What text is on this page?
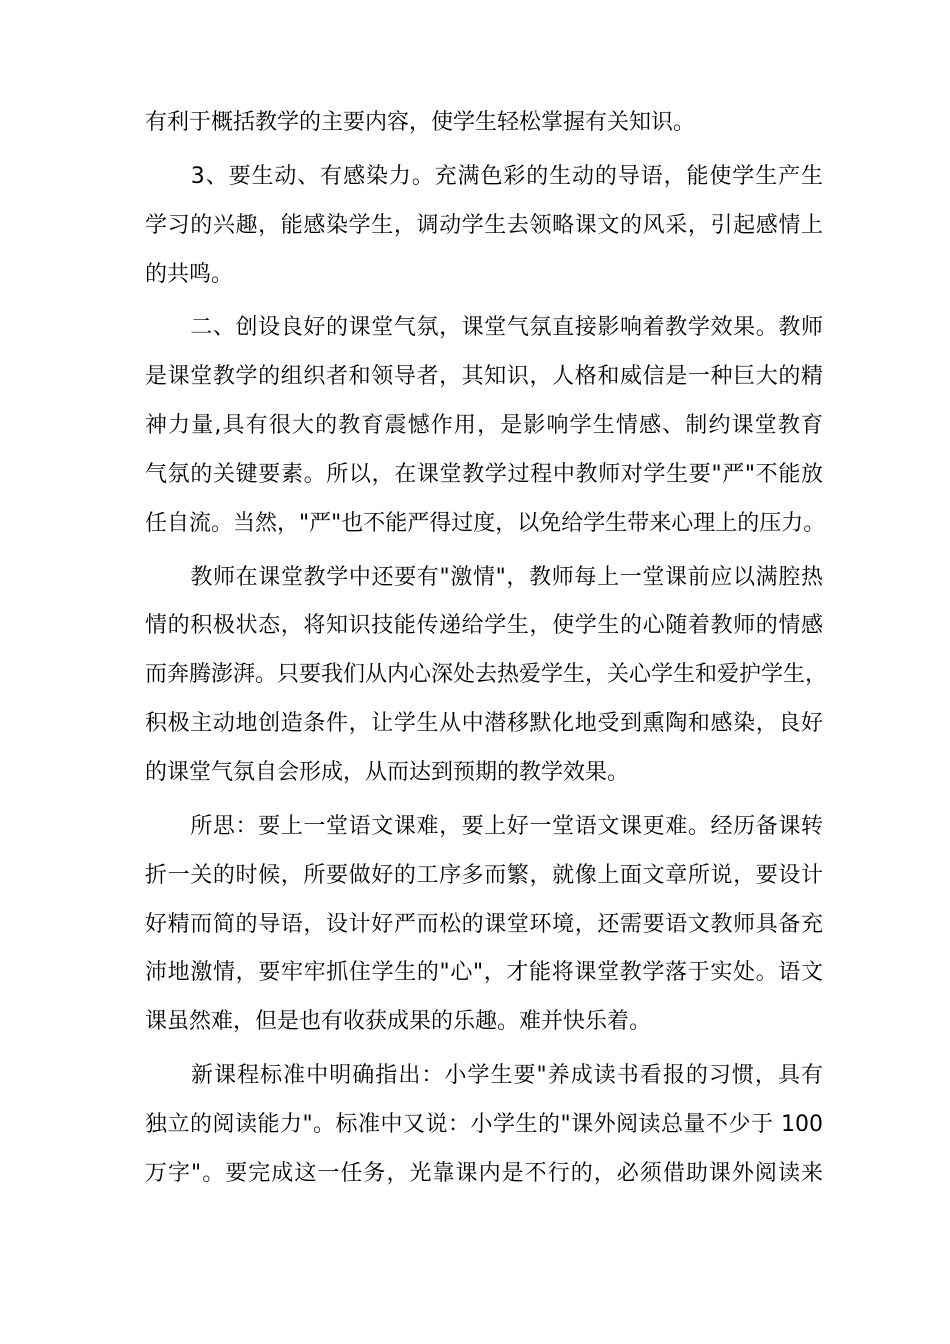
有利于概括教学的主要内容，使学生轻松掌握有关知识。
　　3、要生动、有感染力。充满色彩的生动的导语，能使学生产生
学习的兴趣，能感染学生，调动学生去领略课文的风采，引起感情上
的共鸣。
　　二、创设良好的课堂气氛，课堂气氛直接影响着教学效果。教师
是课堂教学的组织者和领导者，其知识，人格和威信是一种巨大的精
神力量,具有很大的教育震憾作用，是影响学生情感、制约课堂教育
气氛的关键要素。所以，在课堂教学过程中教师对学生要"严"不能放
任自流。当然，"严"也不能严得过度，以免给学生带来心理上的压力。
　　教师在课堂教学中还要有"激情"，教师每上一堂课前应以满腔热
情的积极状态，将知识技能传递给学生，使学生的心随着教师的情感
而奔腾澎湃。只要我们从内心深处去热爱学生，关心学生和爱护学生，
积极主动地创造条件，让学生从中潜移默化地受到熏陶和感染，良好
的课堂气氛自会形成，从而达到预期的教学效果。
　　所思：要上一堂语文课难，要上好一堂语文课更难。经历备课转
折一关的时候，所要做好的工序多而繁，就像上面文章所说，要设计
好精而简的导语，设计好严而松的课堂环境，还需要语文教师具备充
沛地激情，要牢牢抓住学生的"心"，才能将课堂教学落于实处。语文
课虽然难，但是也有收获成果的乐趣。难并快乐着。
　　新课程标准中明确指出：小学生要"养成读书看报的习惯，具有
独立的阅读能力"。标准中又说：小学生的"课外阅读总量不少于 100
万字"。要完成这一任务，光靠课内是不行的，必须借助课外阅读来
